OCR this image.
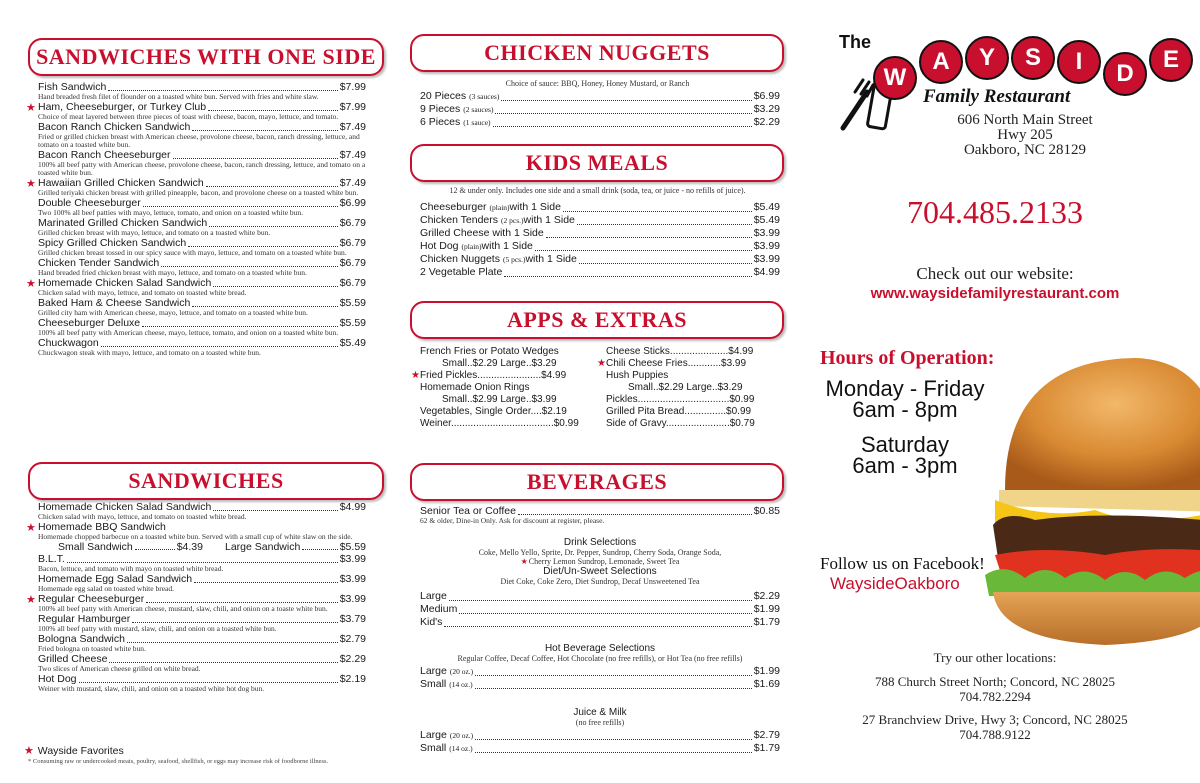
SANDWICHES WITH ONE SIDE
Fish Sandwich	$7.99
Hand breaded fresh filet of flounder on a toasted white bun. Served with fries and white slaw.
★ Ham, Cheeseburger, or Turkey Club	$7.99
Choice of meat layered between three pieces of toast with cheese, bacon, mayo, lettuce, and tomato.
Bacon Ranch Chicken Sandwich	$7.49
Fried or grilled chicken breast with American cheese, provolone cheese, bacon, ranch dressing, lettuce, and tomato on a toasted white bun.
Bacon Ranch Cheeseburger	$7.49
100% all beef patty with American cheese, provolone cheese, bacon, ranch dressing, lettuce, and tomato on a toasted white bun.
★ Hawaiian Grilled Chicken Sandwich	$7.49
Grilled teriyaki chicken breast with grilled pineapple, bacon, and provolone cheese on a toasted white bun.
Double Cheeseburger	$6.99
Two 100% all beef patties with mayo, lettuce, tomato, and onion on a toasted white bun.
Marinated Grilled Chicken Sandwich	$6.79
Grilled chicken breast with mayo, lettuce, and tomato on a toasted white bun.
Spicy Grilled Chicken Sandwich	$6.79
Grilled chicken breast tossed in our spicy sauce with mayo, lettuce, and tomato on a toasted white bun.
Chicken Tender Sandwich	$6.79
Hand breaded fried chicken breast with mayo, lettuce, and tomato on a toasted white bun.
★ Homemade Chicken Salad Sandwich	$6.79
Chicken salad with mayo, lettuce, and tomato on toasted white bread.
Baked Ham & Cheese Sandwich	$5.59
Grilled city ham with American cheese, mayo, lettuce, and tomato on a toasted white bun.
Cheeseburger Deluxe	$5.59
100% all beef patty with American cheese, mayo, lettuce, tomato, and onion on a toasted white bun.
Chuckwagon	$5.49
Chuckwagon steak with mayo, lettuce, and tomato on a toasted white bun.
SANDWICHES
Homemade Chicken Salad Sandwich	$4.99
Chicken salad with mayo, lettuce, and tomato on toasted white bread.
★ Homemade BBQ Sandwich
Homemade chopped barbecue on a toasted white bun. Served with a small cup of white slaw on the side.
Small Sandwich	$4.39 Large Sandwich	$5.59
B.L.T.	$3.99
Bacon, lettuce, and tomato with mayo on toasted white bread.
Homemade Egg Salad Sandwich	$3.99
Homemade egg salad on toasted white bread.
★ Regular Cheeseburger	$3.99
100% all beef patty with American cheese, mustard, slaw, chili, and onion on a toaste white bun.
Regular Hamburger	$3.79
100% all beef patty with mustard, slaw, chili, and onion on a toasted white bun.
Bologna Sandwich	$2.79
Fried bologna on toasted white bun.
Grilled Cheese	$2.29
Two slices of American cheese grilled on white bread.
Hot Dog	$2.19
Weiner with mustard, slaw, chili, and onion on a toasted white hot dog bun.
★ Wayside Favorites
* Consuming raw or undercooked meats, poultry, seafood, shellfish, or eggs may increase risk of foodborne illness.
CHICKEN NUGGETS
Choice of sauce: BBQ, Honey, Honey Mustard, or Ranch
20 Pieces (3 sauces)	$6.99
9 Pieces (2 sauces)	$3.29
6 Pieces (1 sauce)	$2.29
KIDS MEALS
12 & under only. Includes one side and a small drink (soda, tea, or juice - no refills of juice).
Cheeseburger (plain) with 1 Side	$5.49
Chicken Tenders (2 pcs.) with 1 Side	$5.49
Grilled Cheese with 1 Side	$3.99
Hot Dog (plain) with 1 Side	$3.99
Chicken Nuggets (5 pcs.) with 1 Side	$3.99
2 Vegetable Plate	$4.99
APPS & EXTRAS
French Fries or Potato Wedges
Small..$2.29 Large..$3.29
★ Fried Pickles.......................$4.99
Homemade Onion Rings
Small..$2.99 Large..$3.99
Vegetables, Single Order....$2.19
Weiner.....................................$0.99
Cheese Sticks.....................$4.99
★ Chili Cheese Fries............$3.99
Hush Puppies
Small..$2.29 Large..$3.29
Pickles.................................$0.99
Grilled Pita Bread...............$0.99
Side of Gravy.......................$0.79
BEVERAGES
Senior Tea or Coffee	$0.85
62 & older, Dine-in Only. Ask for discount at register, please.
Drink Selections
Coke, Mello Yello, Sprite, Dr. Pepper, Sundrop, Cherry Soda, Orange Soda,
★Cherry Lemon Sundrop, Lemonade, Sweet Tea
Diet/Un-Sweet Selections
Diet Coke, Coke Zero, Diet Sundrop, Decaf Unsweetened Tea
Large	$2.29
Medium	$1.99
Kid's	$1.79
Hot Beverage Selections
Regular Coffee, Decaf Coffee, Hot Chocolate (no free refills), or Hot Tea (no free refills)
Large (20 oz.)	$1.99
Small (14 oz.)	$1.69
Juice & Milk
(no free refills)
Large (20 oz.)	$2.79
Small (14 oz.)	$1.79
The
W
A	Y	S	I	D
E
Family Restaurant
606 North Main Street
Hwy 205
Oakboro, NC 28129
704.485.2133
Check out our website:
www.waysidefamilyrestaurant.com
Hours of Operation:
Monday - Friday
6am - 8pm
Saturday
6am - 3pm
Follow us on Facebook!
WaysideOakboro
Try our other locations:
788 Church Street North; Concord, NC 28025
704.782.2294
27 Branchview Drive, Hwy 3; Concord, NC 28025
704.788.9122
